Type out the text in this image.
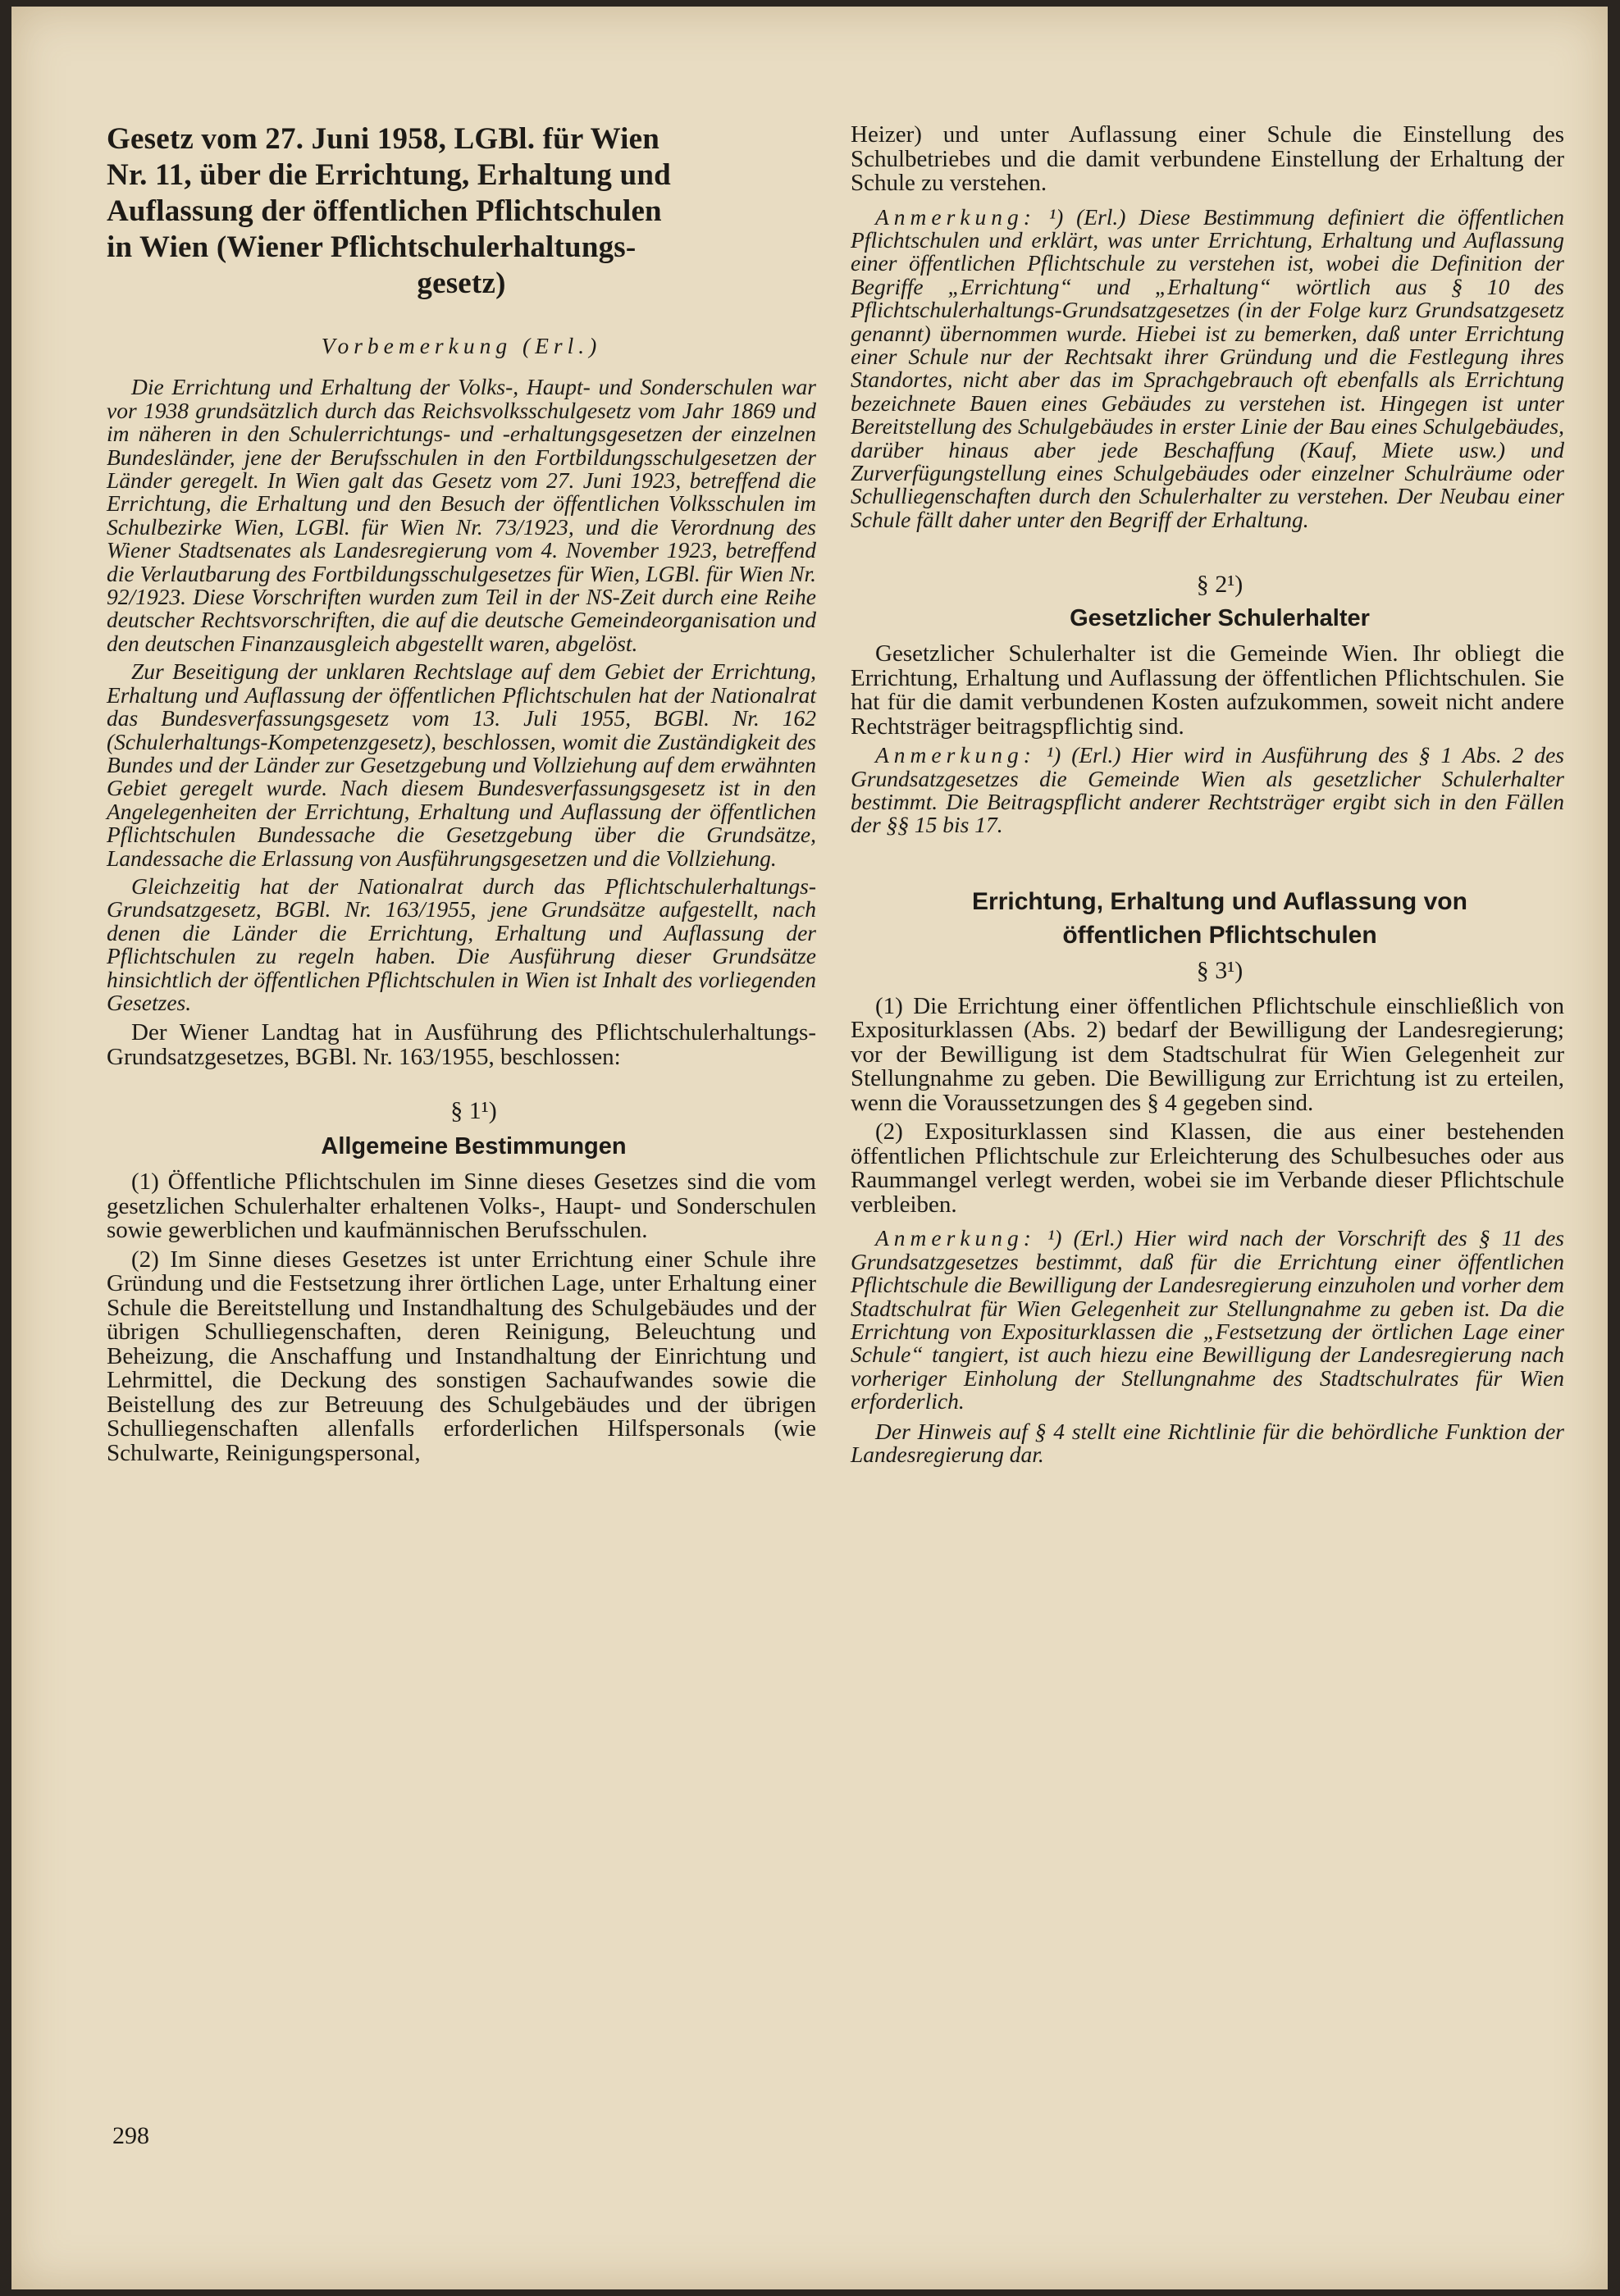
Gesetz vom 27. Juni 1958, LGBl. für Wien
Nr. 11, über die Errichtung, Erhaltung und
Auflassung der öffentlichen Pflichtschulen
in Wien (Wiener Pflichtschulerhaltungs-
gesetz)

Vorbemerkung (Erl.)

Die Errichtung und Erhaltung der Volks-, Haupt- und Sonderschulen war vor 1938 grundsätzlich durch das Reichsvolksschulgesetz vom Jahr 1869 und im näheren in den Schulerrichtungs- und -erhaltungsgesetzen der einzelnen Bundesländer, jene der Berufsschulen in den Fortbildungsschulgesetzen der Länder geregelt. In Wien galt das Gesetz vom 27. Juni 1923, betreffend die Errichtung, die Erhaltung und den Besuch der öffentlichen Volksschulen im Schulbezirke Wien, LGBl. für Wien Nr. 73/1923, und die Verordnung des Wiener Stadtsenates als Landesregierung vom 4. November 1923, betreffend die Verlautbarung des Fortbildungsschulgesetzes für Wien, LGBl. für Wien Nr. 92/1923. Diese Vorschriften wurden zum Teil in der NS-Zeit durch eine Reihe deutscher Rechtsvorschriften, die auf die deutsche Gemeindeorganisation und den deutschen Finanzausgleich abgestellt waren, abgelöst.

Zur Beseitigung der unklaren Rechtslage auf dem Gebiet der Errichtung, Erhaltung und Auflassung der öffentlichen Pflichtschulen hat der Nationalrat das Bundesverfassungsgesetz vom 13. Juli 1955, BGBl. Nr. 162 (Schulerhaltungs-Kompetenzgesetz), beschlossen, womit die Zuständigkeit des Bundes und der Länder zur Gesetzgebung und Vollziehung auf dem erwähnten Gebiet geregelt wurde. Nach diesem Bundesverfassungsgesetz ist in den Angelegenheiten der Errichtung, Erhaltung und Auflassung der öffentlichen Pflichtschulen Bundessache die Gesetzgebung über die Grundsätze, Landessache die Erlassung von Ausführungsgesetzen und die Vollziehung.

Gleichzeitig hat der Nationalrat durch das Pflichtschulerhaltungs-Grundsatzgesetz, BGBl. Nr. 163/1955, jene Grundsätze aufgestellt, nach denen die Länder die Errichtung, Erhaltung und Auflassung der Pflichtschulen zu regeln haben. Die Ausführung dieser Grundsätze hinsichtlich der öffentlichen Pflichtschulen in Wien ist Inhalt des vorliegenden Gesetzes.

Der Wiener Landtag hat in Ausführung des Pflichtschulerhaltungs-Grundsatzgesetzes, BGBl. Nr. 163/1955, beschlossen:

§ 1¹)

Allgemeine Bestimmungen

(1) Öffentliche Pflichtschulen im Sinne dieses Gesetzes sind die vom gesetzlichen Schulerhalter erhaltenen Volks-, Haupt- und Sonderschulen sowie gewerblichen und kaufmännischen Berufsschulen.

(2) Im Sinne dieses Gesetzes ist unter Errichtung einer Schule ihre Gründung und die Festsetzung ihrer örtlichen Lage, unter Erhaltung einer Schule die Bereitstellung und Instandhaltung des Schulgebäudes und der übrigen Schulliegenschaften, deren Reinigung, Beleuchtung und Beheizung, die Anschaffung und Instandhaltung der Einrichtung und Lehrmittel, die Deckung des sonstigen Sachaufwandes sowie die Beistellung des zur Betreuung des Schulgebäudes und der übrigen Schulliegenschaften allenfalls erforderlichen Hilfspersonals (wie Schulwarte, Reinigungspersonal,

Heizer) und unter Auflassung einer Schule die Einstellung des Schulbetriebes und die damit verbundene Einstellung der Erhaltung der Schule zu verstehen.

Anmerkung: ¹) (Erl.) Diese Bestimmung definiert die öffentlichen Pflichtschulen und erklärt, was unter Errichtung, Erhaltung und Auflassung einer öffentlichen Pflichtschule zu verstehen ist, wobei die Definition der Begriffe „Errichtung“ und „Erhaltung“ wörtlich aus § 10 des Pflichtschulerhaltungs-Grundsatzgesetzes (in der Folge kurz Grundsatzgesetz genannt) übernommen wurde. Hiebei ist zu bemerken, daß unter Errichtung einer Schule nur der Rechtsakt ihrer Gründung und die Festlegung ihres Standortes, nicht aber das im Sprachgebrauch oft ebenfalls als Errichtung bezeichnete Bauen eines Gebäudes zu verstehen ist. Hingegen ist unter Bereitstellung des Schulgebäudes in erster Linie der Bau eines Schulgebäudes, darüber hinaus aber jede Beschaffung (Kauf, Miete usw.) und Zurverfügungstellung eines Schulgebäudes oder einzelner Schulräume oder Schulliegenschaften durch den Schulerhalter zu verstehen. Der Neubau einer Schule fällt daher unter den Begriff der Erhaltung.

§ 2¹)

Gesetzlicher Schulerhalter

Gesetzlicher Schulerhalter ist die Gemeinde Wien. Ihr obliegt die Errichtung, Erhaltung und Auflassung der öffentlichen Pflichtschulen. Sie hat für die damit verbundenen Kosten aufzukommen, soweit nicht andere Rechtsträger beitragspflichtig sind.

Anmerkung: ¹) (Erl.) Hier wird in Ausführung des § 1 Abs. 2 des Grundsatzgesetzes die Gemeinde Wien als gesetzlicher Schulerhalter bestimmt. Die Beitragspflicht anderer Rechtsträger ergibt sich in den Fällen der §§ 15 bis 17.

Errichtung, Erhaltung und Auflassung von

öffentlichen Pflichtschulen

§ 3¹)

(1) Die Errichtung einer öffentlichen Pflichtschule einschließlich von Expositurklassen (Abs. 2) bedarf der Bewilligung der Landesregierung; vor der Bewilligung ist dem Stadtschulrat für Wien Gelegenheit zur Stellungnahme zu geben. Die Bewilligung zur Errichtung ist zu erteilen, wenn die Voraussetzungen des § 4 gegeben sind.

(2) Expositurklassen sind Klassen, die aus einer bestehenden öffentlichen Pflichtschule zur Erleichterung des Schulbesuches oder aus Raummangel verlegt werden, wobei sie im Verbande dieser Pflichtschule verbleiben.

Anmerkung: ¹) (Erl.) Hier wird nach der Vorschrift des § 11 des Grundsatzgesetzes bestimmt, daß für die Errichtung einer öffentlichen Pflichtschule die Bewilligung der Landesregierung einzuholen und vorher dem Stadtschulrat für Wien Gelegenheit zur Stellungnahme zu geben ist. Da die Errichtung von Expositurklassen die „Festsetzung der örtlichen Lage einer Schule“ tangiert, ist auch hiezu eine Bewilligung der Landesregierung nach vorheriger Einholung der Stellungnahme des Stadtschulrates für Wien erforderlich.

Der Hinweis auf § 4 stellt eine Richtlinie für die behördliche Funktion der Landesregierung dar.

298
